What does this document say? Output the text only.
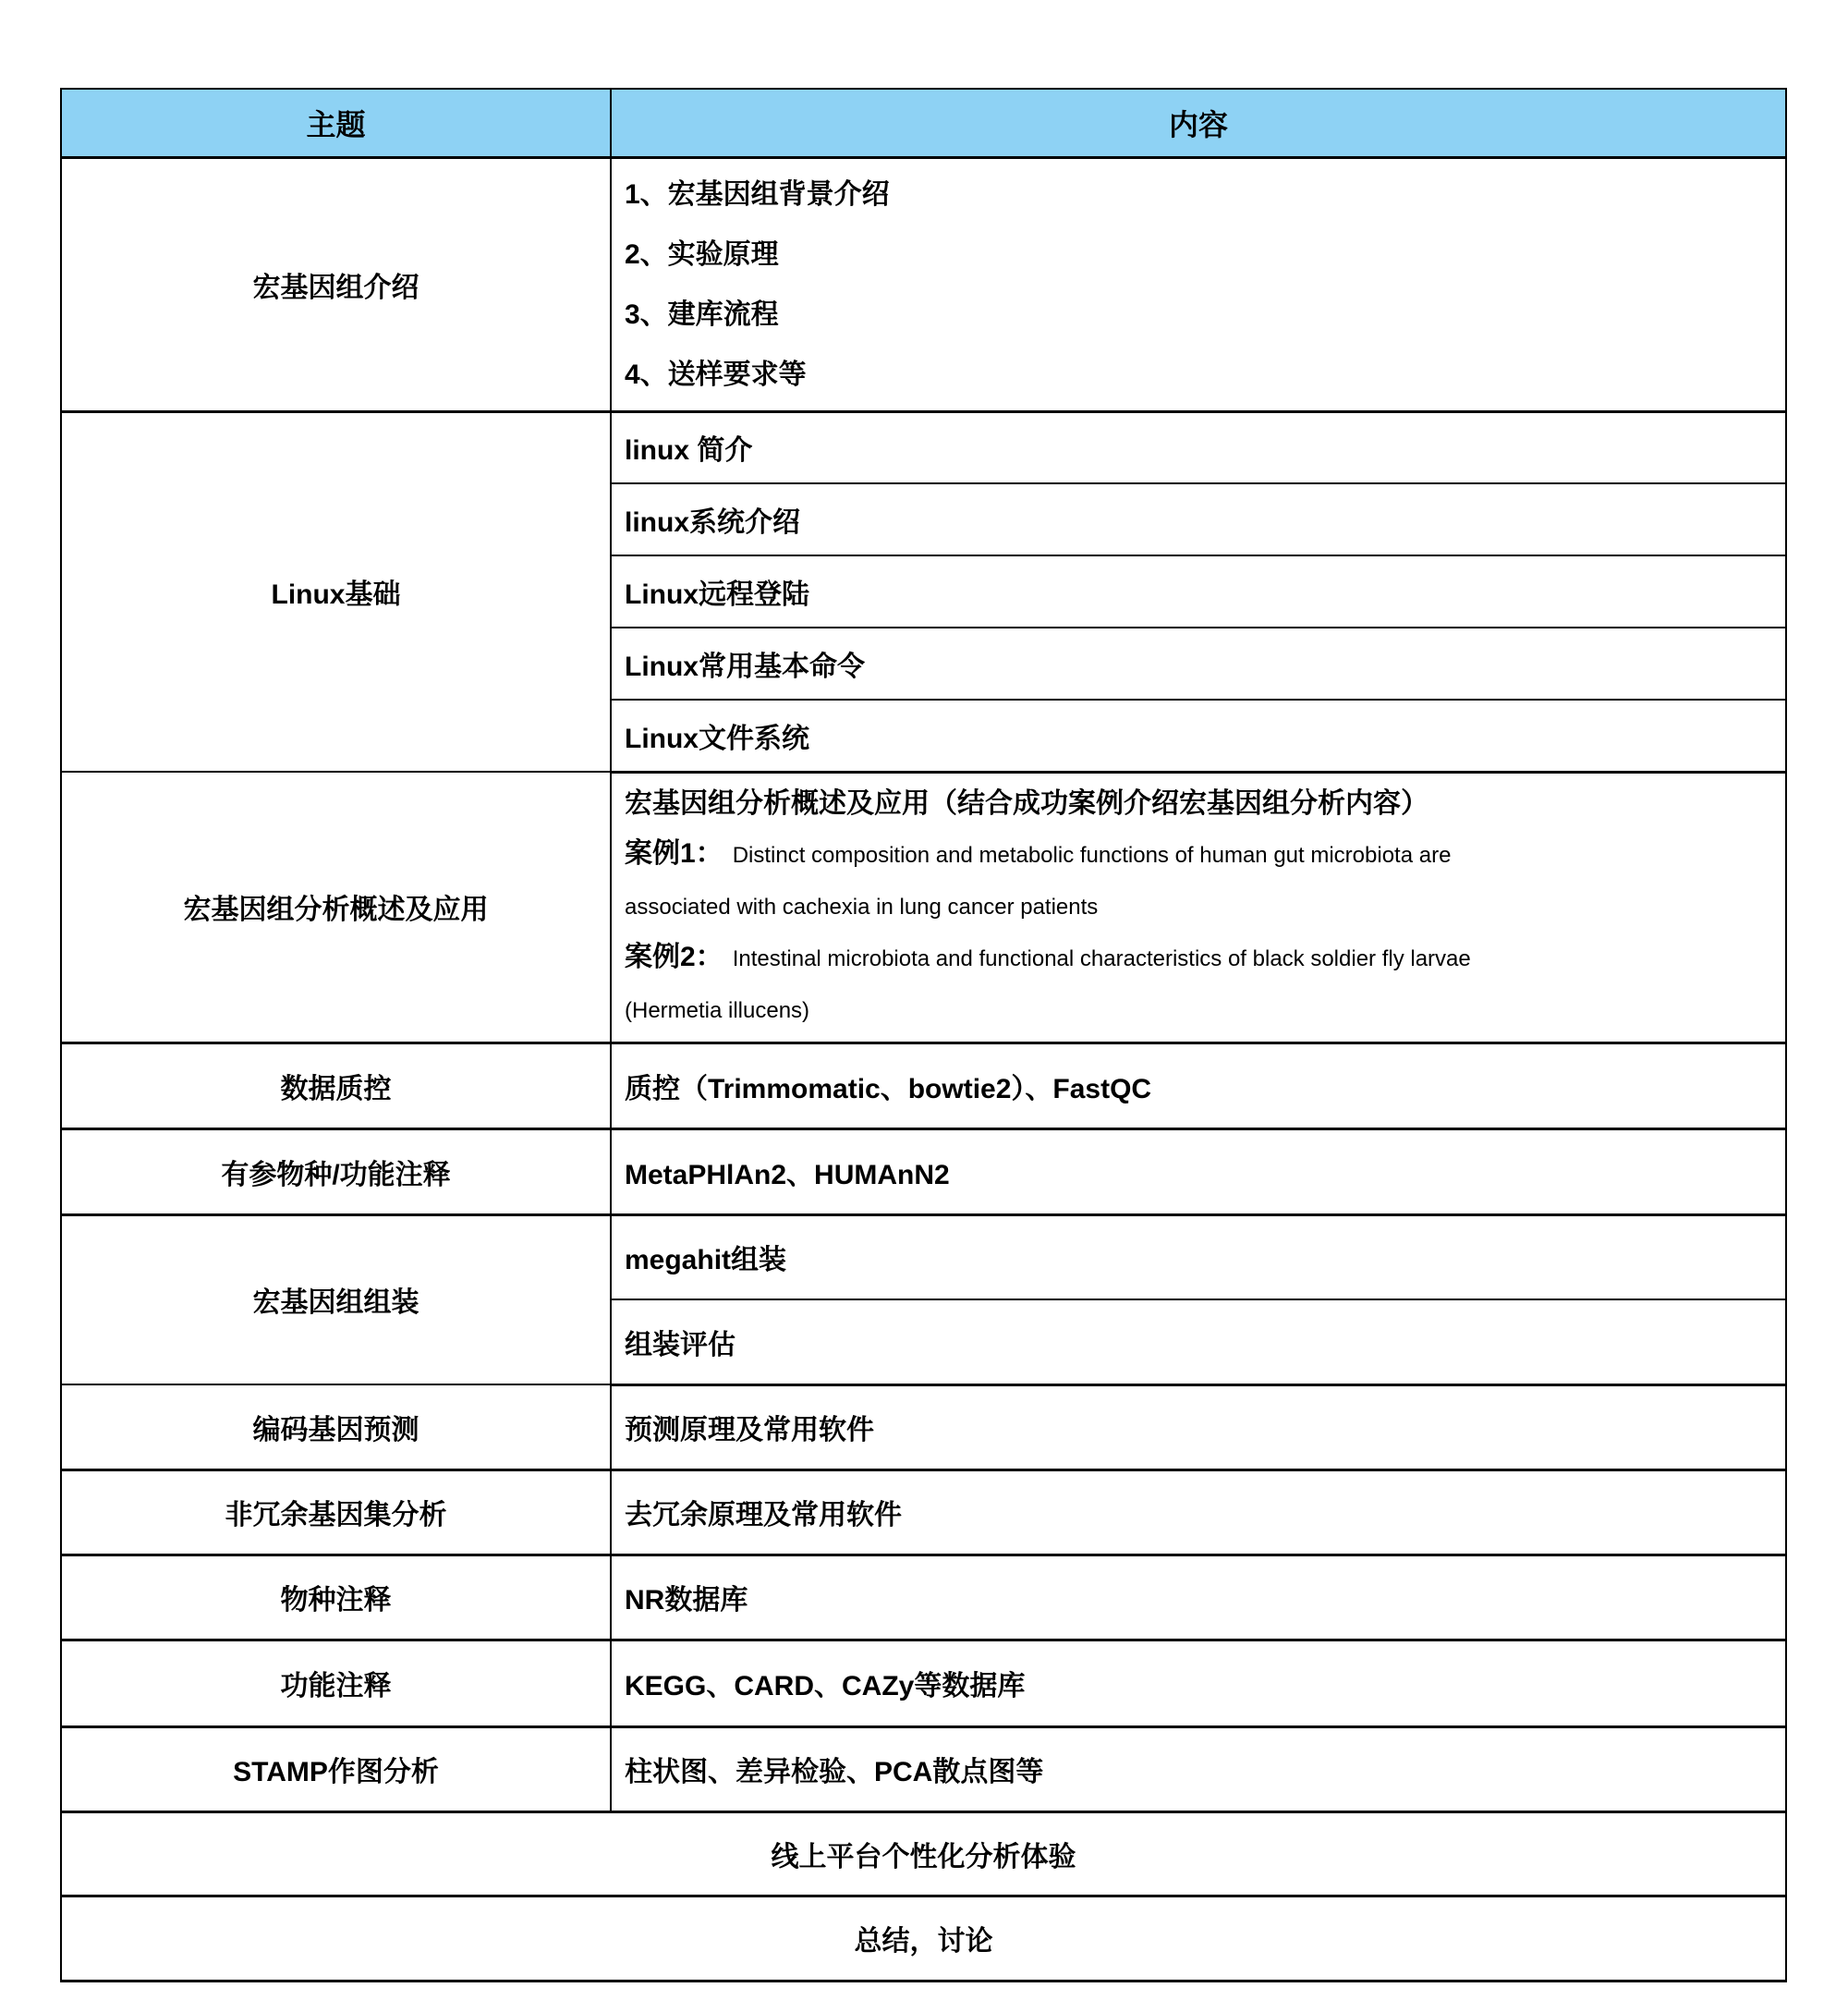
主题	内容
宏基因组介绍	1、宏基因组背景介绍
2、实验原理
3、建库流程
4、送样要求等

Linux基础	linux 简介
	linux系统介绍
	Linux远程登陆
	Linux常用基本命令
	Linux文件系统
宏基因组分析概述及应用	宏基因组分析概述及应用（结合成功案例介绍宏基因组分析内容）
案例1： Distinct composition and metabolic functions of human gut microbiota are
associated with cachexia in lung cancer patients
案例2： Intestinal microbiota and functional characteristics of black soldier fly larvae
(Hermetia illucens)

数据质控	质控（Trimmomatic、bowtie2）、FastQC
有参物种/功能注释	MetaPHlAn2、HUMAnN2
宏基因组组装	megahit组装
	组装评估
编码基因预测	预测原理及常用软件
非冗余基因集分析	去冗余原理及常用软件
物种注释	NR数据库
功能注释	KEGG、CARD、CAZy等数据库
STAMP作图分析	柱状图、差异检验、PCA散点图等
线上平台个性化分析体验	
总结，讨论	
